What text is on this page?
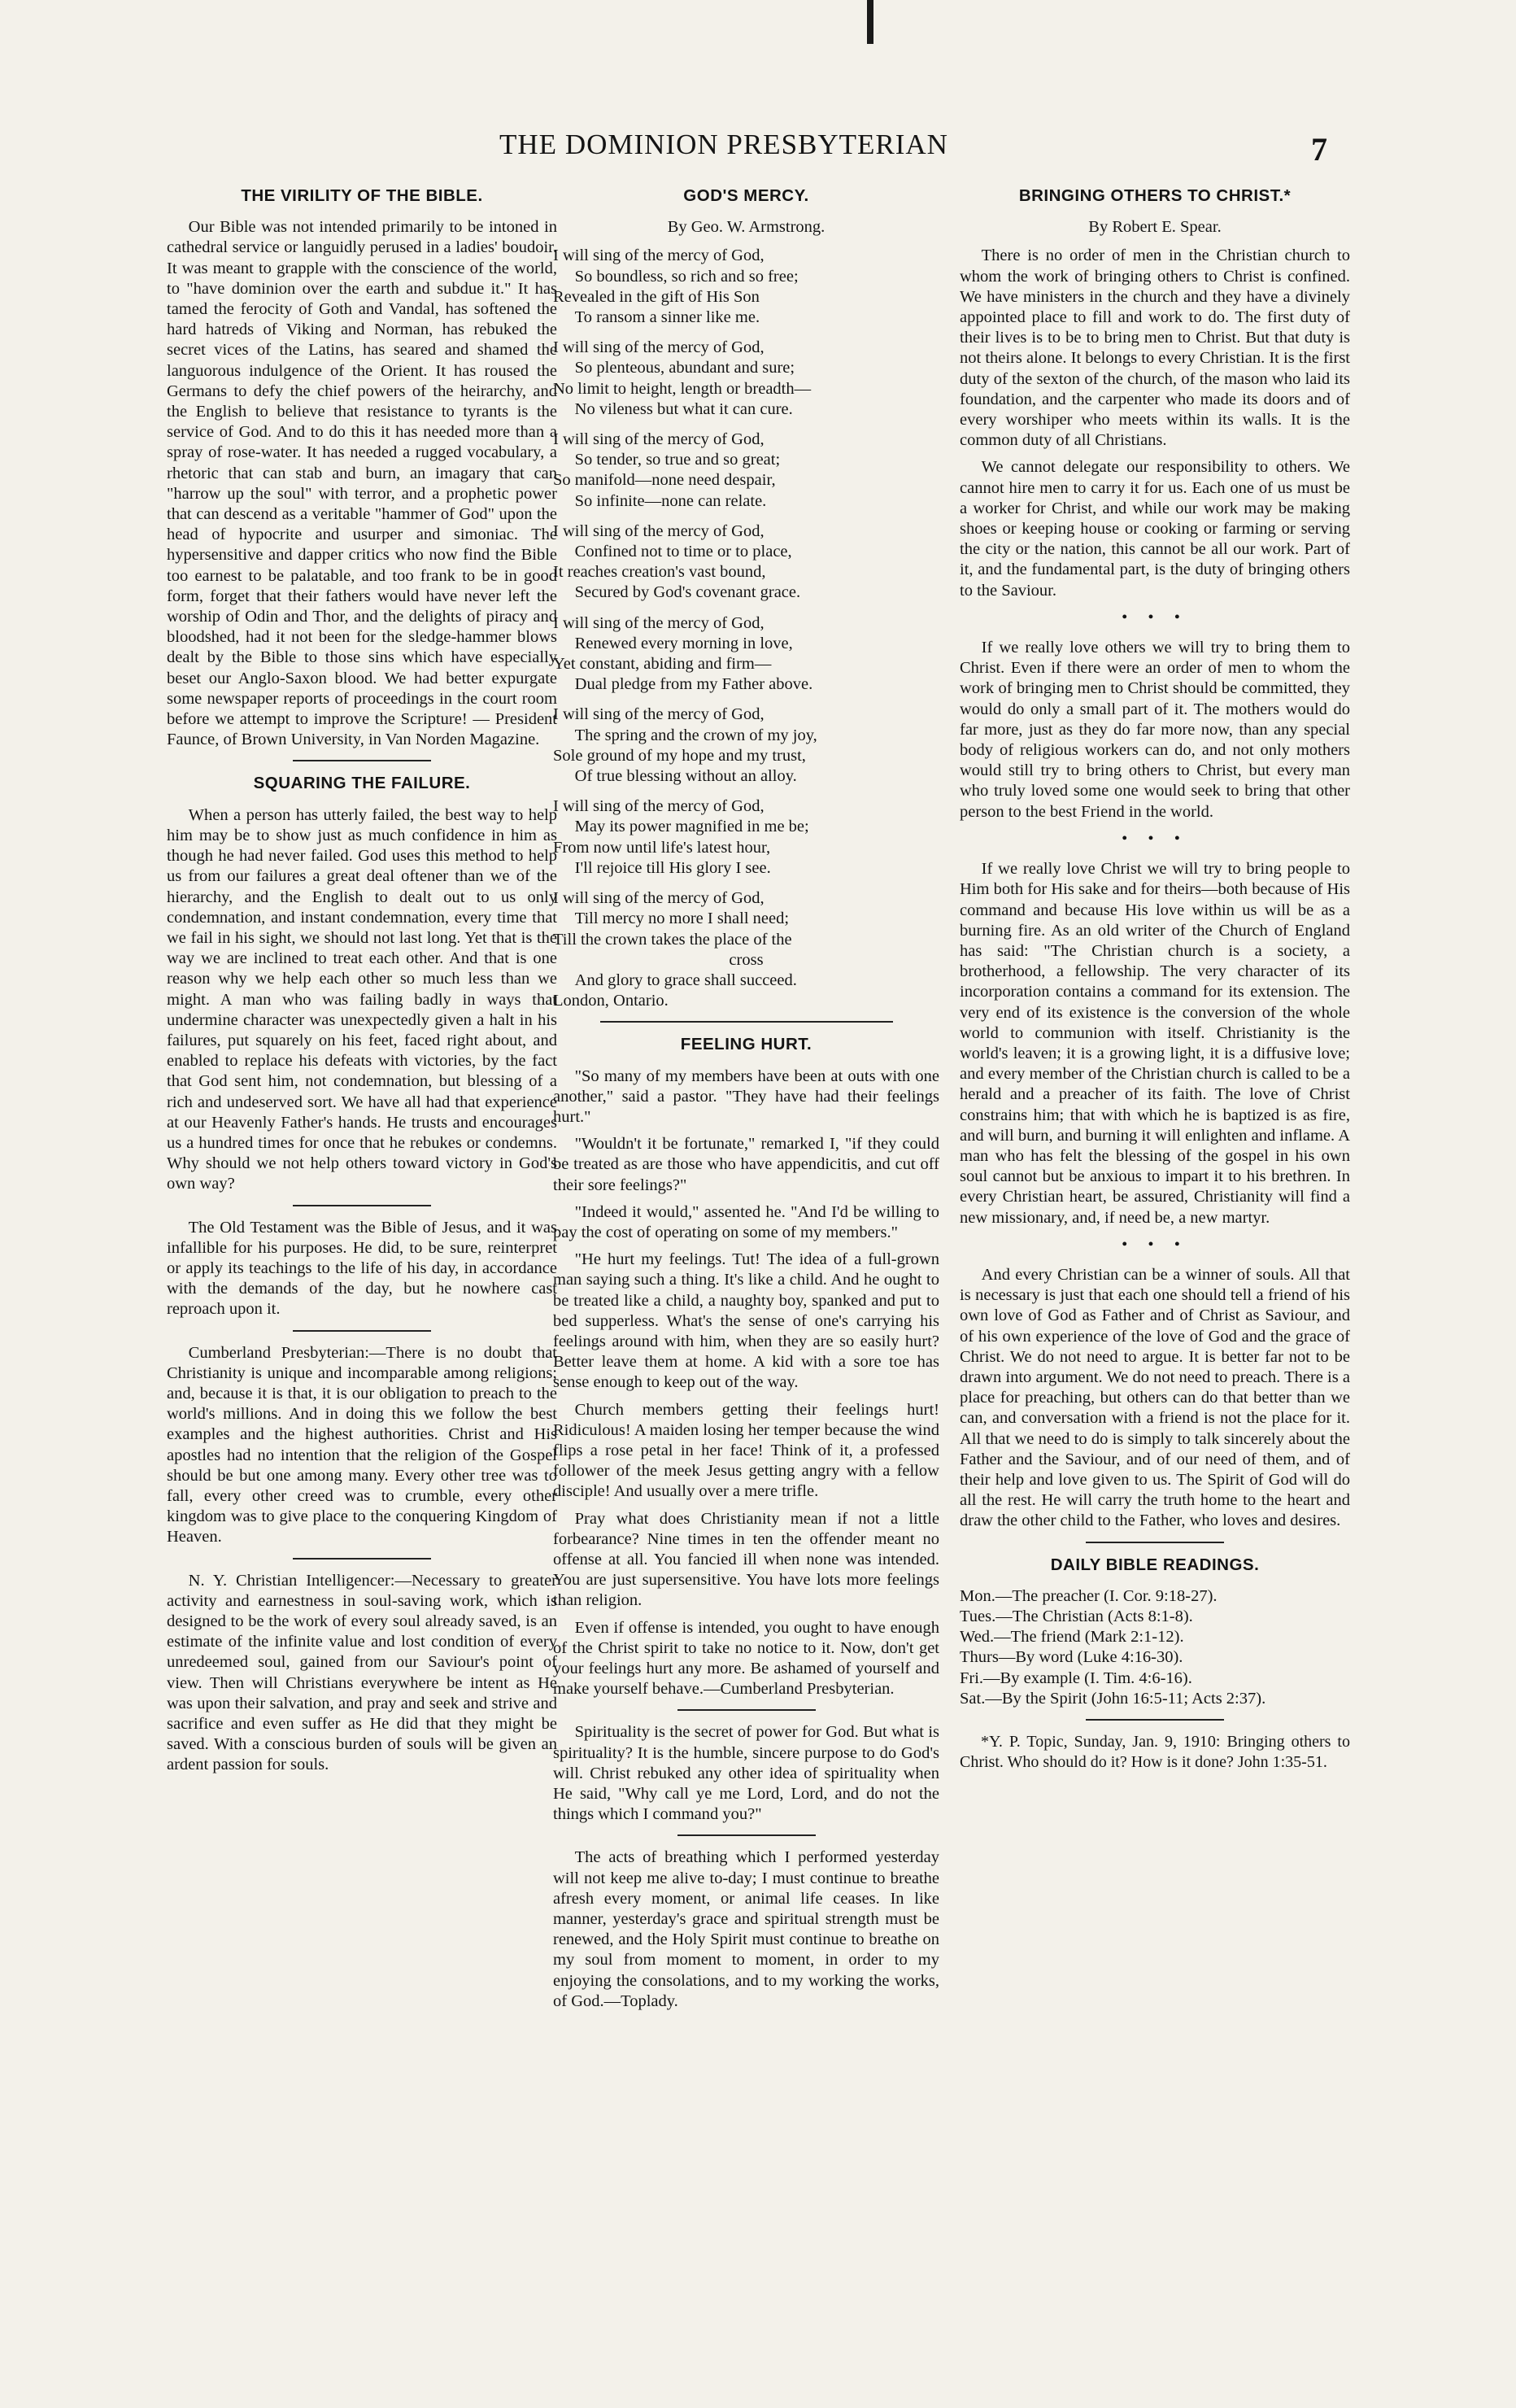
THE DOMINION PRESBYTERIAN	7
THE VIRILITY OF THE BIBLE.

Our Bible was not intended primarily to be intoned in cathedral service or languidly perused in a ladies' boudoir. It was meant to grapple with the conscience of the world, to "have dominion over the earth and subdue it." It has tamed the ferocity of Goth and Vandal, has softened the hard hatreds of Viking and Norman, has rebuked the secret vices of the Latins, has seared and shamed the languorous indulgence of the Orient. It has roused the Germans to defy the chief powers of the heirarchy, and the English to believe that resistance to tyrants is the service of God. And to do this it has needed more than a spray of rose-water. It has needed a rugged vocabulary, a rhetoric that can stab and burn, an imagary that can "harrow up the soul" with terror, and a prophetic power that can descend as a veritable "hammer of God" upon the head of hypocrite and usurper and simoniac. The hypersensitive and dapper critics who now find the Bible too earnest to be palatable, and too frank to be in good form, forget that their fathers would have never left the worship of Odin and Thor, and the delights of piracy and bloodshed, had it not been for the sledge-hammer blows dealt by the Bible to those sins which have especially beset our Anglo-Saxon blood. We had better expurgate some newspaper reports of proceedings in the court room before we attempt to improve the Scripture! — President Faunce, of Brown University, in Van Norden Magazine.

SQUARING THE FAILURE.

When a person has utterly failed, the best way to help him may be to show just as much confidence in him as though he had never failed. God uses this method to help us from our failures a great deal oftener than we of the hierarchy, and the English to dealt out to us only condemnation, and instant condemnation, every time that we fail in his sight, we should not last long. Yet that is the way we are inclined to treat each other. And that is one reason why we help each other so much less than we might. A man who was failing badly in ways that undermine character was unexpectedly given a halt in his failures, put squarely on his feet, faced right about, and enabled to replace his defeats with victories, by the fact that God sent him, not condemnation, but blessing of a rich and undeserved sort. We have all had that experience at our Heavenly Father's hands. He trusts and encourages us a hundred times for once that he rebukes or condemns. Why should we not help others toward victory in God's own way?

The Old Testament was the Bible of Jesus, and it was infallible for his purposes. He did, to be sure, reinterpret or apply its teachings to the life of his day, in accordance with the demands of the day, but he nowhere cast reproach upon it.

Cumberland Presbyterian:—There is no doubt that Christianity is unique and incomparable among religions; and, because it is that, it is our obligation to preach to the world's millions. And in doing this we follow the best examples and the highest authorities. Christ and His apostles had no intention that the religion of the Gospel should be but one among many. Every other tree was to fall, every other creed was to crumble, every other kingdom was to give place to the conquering Kingdom of Heaven.

N. Y. Christian Intelligencer:—Necessary to greater activity and earnestness in soul-saving work, which is designed to be the work of every soul already saved, is an estimate of the infinite value and lost condition of every unredeemed soul, gained from our Saviour's point of view. Then will Christians everywhere be intent as He was upon their salvation, and pray and seek and strive and sacrifice and even suffer as He did that they might be saved. With a conscious burden of souls will be given an ardent passion for souls.

GOD'S MERCY.
By Geo. W. Armstrong.
I will sing of the mercy of God,
So boundless, so rich and so free;
Revealed in the gift of His Son
To ransom a sinner like me.
I will sing of the mercy of God,
So plenteous, abundant and sure;
No limit to height, length or breadth—
No vileness but what it can cure.
I will sing of the mercy of God,
So tender, so true and so great;
So manifold—none need despair,
So infinite—none can relate.
I will sing of the mercy of God,
Confined not to time or to place,
It reaches creation's vast bound,
Secured by God's covenant grace.
I will sing of the mercy of God,
Renewed every morning in love,
Yet constant, abiding and firm—
Dual pledge from my Father above.
I will sing of the mercy of God,
The spring and the crown of my joy,
Sole ground of my hope and my trust,
Of true blessing without an alloy.
I will sing of the mercy of God,
May its power magnified in me be;
From now until life's latest hour,
I'll rejoice till His glory I see.
I will sing of the mercy of God,
Till mercy no more I shall need;
Till the crown takes the place of the
cross
And glory to grace shall succeed.
London, Ontario.
FEELING HURT.

"So many of my members have been at outs with one another," said a pastor. "They have had their feelings hurt."

"Wouldn't it be fortunate," remarked I, "if they could be treated as are those who have appendicitis, and cut off their sore feelings?"

"Indeed it would," assented he. "And I'd be willing to pay the cost of operating on some of my members."

"He hurt my feelings. Tut! The idea of a full-grown man saying such a thing. It's like a child. And he ought to be treated like a child, a naughty boy, spanked and put to bed supperless. What's the sense of one's carrying his feelings around with him, when they are so easily hurt? Better leave them at home. A kid with a sore toe has sense enough to keep out of the way.

Church members getting their feelings hurt! Ridiculous! A maiden losing her temper because the wind flips a rose petal in her face! Think of it, a professed follower of the meek Jesus getting angry with a fellow disciple! And usually over a mere trifle.

Pray what does Christianity mean if not a little forbearance? Nine times in ten the offender meant no offense at all. You fancied ill when none was intended. You are just supersensitive. You have lots more feelings than religion.

Even if offense is intended, you ought to have enough of the Christ spirit to take no notice to it. Now, don't get your feelings hurt any more. Be ashamed of yourself and make yourself behave.—Cumberland Presbyterian.

Spirituality is the secret of power for God. But what is spirituality? It is the humble, sincere purpose to do God's will. Christ rebuked any other idea of spirituality when He said, "Why call ye me Lord, Lord, and do not the things which I command you?"

The acts of breathing which I performed yesterday will not keep me alive to-day; I must continue to breathe afresh every moment, or animal life ceases. In like manner, yesterday's grace and spiritual strength must be renewed, and the Holy Spirit must continue to breathe on my soul from moment to moment, in order to my enjoying the consolations, and to my working the works, of God.—Toplady.

BRINGING OTHERS TO CHRIST.*
By Robert E. Spear.

There is no order of men in the Christian church to whom the work of bringing others to Christ is confined. We have ministers in the church and they have a divinely appointed place to fill and work to do. The first duty of their lives is to be to bring men to Christ. But that duty is not theirs alone. It belongs to every Christian. It is the first duty of the sexton of the church, of the mason who laid its foundation, and the carpenter who made its doors and of every worshiper who meets within its walls. It is the common duty of all Christians.

We cannot delegate our responsibility to others. We cannot hire men to carry it for us. Each one of us must be a worker for Christ, and while our work may be making shoes or keeping house or cooking or farming or serving the city or the nation, this cannot be all our work. Part of it, and the fundamental part, is the duty of bringing others to the Saviour.

• • •

If we really love others we will try to bring them to Christ. Even if there were an order of men to whom the work of bringing men to Christ should be committed, they would do only a small part of it. The mothers would do far more, just as they do far more now, than any special body of religious workers can do, and not only mothers would still try to bring others to Christ, but every man who truly loved some one would seek to bring that other person to the best Friend in the world.

• • •

If we really love Christ we will try to bring people to Him both for His sake and for theirs—both because of His command and because His love within us will be as a burning fire. As an old writer of the Church of England has said: "The Christian church is a society, a brotherhood, a fellowship. The very character of its incorporation contains a command for its extension. The very end of its existence is the conversion of the whole world to communion with itself. Christianity is the world's leaven; it is a growing light, it is a diffusive love; and every member of the Christian church is called to be a herald and a preacher of its faith. The love of Christ constrains him; that with which he is baptized is as fire, and will burn, and burning it will enlighten and inflame. A man who has felt the blessing of the gospel in his own soul cannot but be anxious to impart it to his brethren. In every Christian heart, be assured, Christianity will find a new missionary, and, if need be, a new martyr.

• • •

And every Christian can be a winner of souls. All that is necessary is just that each one should tell a friend of his own love of God as Father and of Christ as Saviour, and of his own experience of the love of God and the grace of Christ. We do not need to argue. It is better far not to be drawn into argument. We do not need to preach. There is a place for preaching, but others can do that better than we can, and conversation with a friend is not the place for it. All that we need to do is simply to talk sincerely about the Father and the Saviour, and of our need of them, and of their help and love given to us. The Spirit of God will do all the rest. He will carry the truth home to the heart and draw the other child to the Father, who loves and desires.

DAILY BIBLE READINGS.
Mon.—The preacher (I. Cor. 9:18-27).
Tues.—The Christian (Acts 8:1-8).
Wed.—The friend (Mark 2:1-12).
Thurs—By word (Luke 4:16-30).
Fri.—By example (I. Tim. 4:6-16).
Sat.—By the Spirit (John 16:5-11; Acts 2:37).

*Y. P. Topic, Sunday, Jan. 9, 1910: Bringing others to Christ. Who should do it? How is it done? John 1:35-51.
